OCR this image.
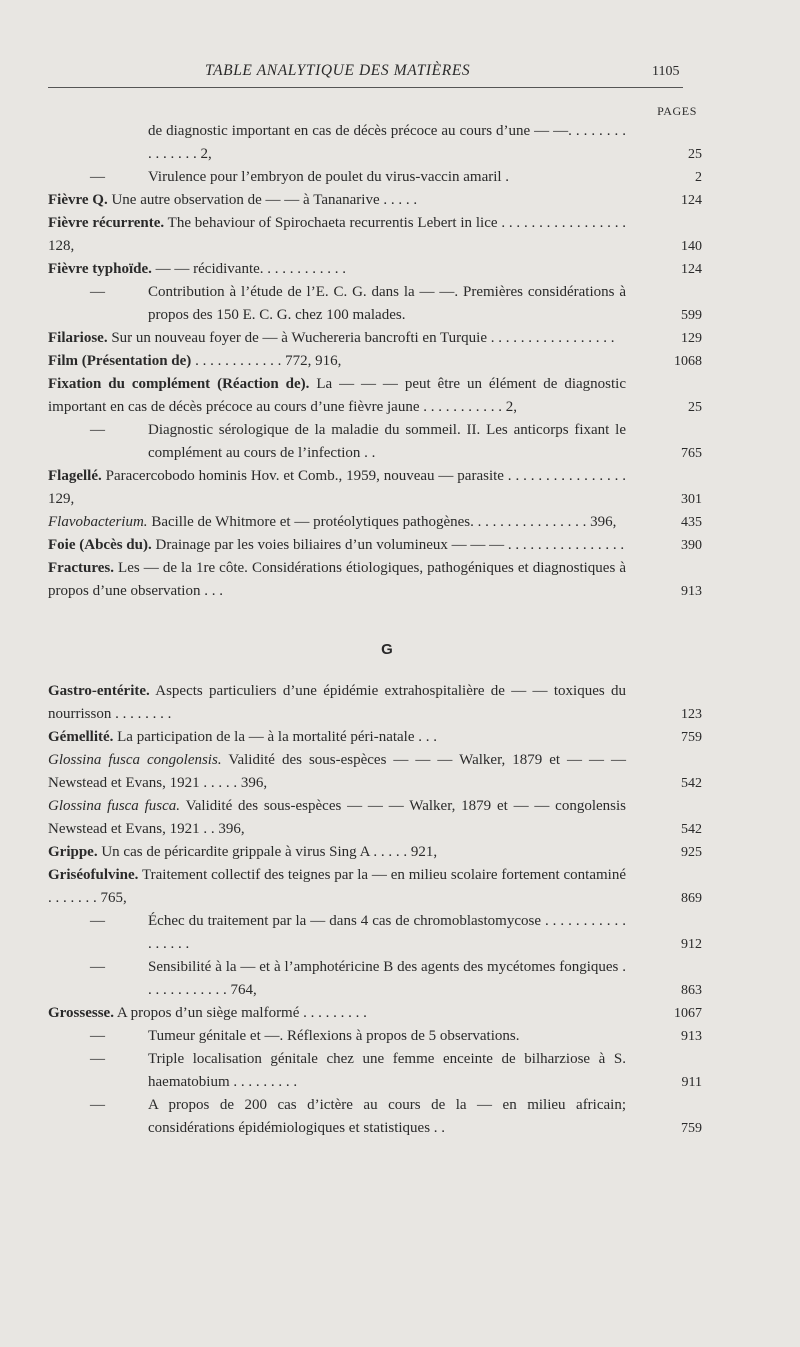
TABLE ANALYTIQUE DES MATIÈRES	1105
PAGES
de diagnostic important en cas de décès précoce au cours d’une — —. . . . . . . . . . . . . . . 2,	25
—	Virulence pour l’embryon de poulet du virus-vaccin amaril .	2
Fièvre Q. Une autre observation de — — à Tananarive . . . . .	124
Fièvre récurrente. The behaviour of Spirochaeta recurrentis Lebert in lice . . . . . . . . . . . . . . . . . 128,	140
Fièvre typhoïde. — — récidivante. . . . . . . . . . . .	124
—	Contribution à l’étude de l’E. C. G. dans la — —. Premières considérations à propos des 150 E. C. G. chez 100 malades.	599
Filariose. Sur un nouveau foyer de — à Wuchereria bancrofti en Turquie . . . . . . . . . . . . . . . . .	129
Film (Présentation de) . . . . . . . . . . . . 772, 916,	1068
Fixation du complément (Réaction de). La — — — peut être un élément de diagnostic important en cas de décès précoce au cours d’une fièvre jaune . . . . . . . . . . . 2,	25
—	Diagnostic sérologique de la maladie du sommeil. II. Les anticorps fixant le complément au cours de l’infection . .	765
Flagellé. Paracercobodo hominis Hov. et Comb., 1959, nouveau — parasite . . . . . . . . . . . . . . . . 129,	301
Flavobacterium. Bacille de Whitmore et — protéolytiques pathogènes. . . . . . . . . . . . . . . . 396,	435
Foie (Abcès du). Drainage par les voies biliaires d’un volumineux — — — . . . . . . . . . . . . . . . .	390
Fractures. Les — de la 1re côte. Considérations étiologiques, pathogéniques et diagnostiques à propos d’une observation . . .	913
G
Gastro-entérite. Aspects particuliers d’une épidémie extrahospitalière de — — toxiques du nourrisson . . . . . . . .	123
Gémellité. La participation de la — à la mortalité péri-natale . . .	759
Glossina fusca congolensis. Validité des sous-espèces — — — Walker, 1879 et — — — Newstead et Evans, 1921 . . . . . 396,	542
Glossina fusca fusca. Validité des sous-espèces — — — Walker, 1879 et — — congolensis Newstead et Evans, 1921 . . 396,	542
Grippe. Un cas de péricardite grippale à virus Sing A . . . . . 921,	925
Griséofulvine. Traitement collectif des teignes par la — en milieu scolaire fortement contaminé . . . . . . . 765,	869
—	Échec du traitement par la — dans 4 cas de chromoblastomycose . . . . . . . . . . . . . . . . .	912
—	Sensibilité à la — et à l’amphotéricine B des agents des mycétomes fongiques . . . . . . . . . . . . 764,	863
Grossesse. A propos d’un siège malformé . . . . . . . . .	1067
—	Tumeur génitale et —. Réflexions à propos de 5 observations.	913
—	Triple localisation génitale chez une femme enceinte de bilharziose à S. haematobium . . . . . . . . .	911
—	A propos de 200 cas d’ictère au cours de la — en milieu africain; considérations épidémiologiques et statistiques . .	759
